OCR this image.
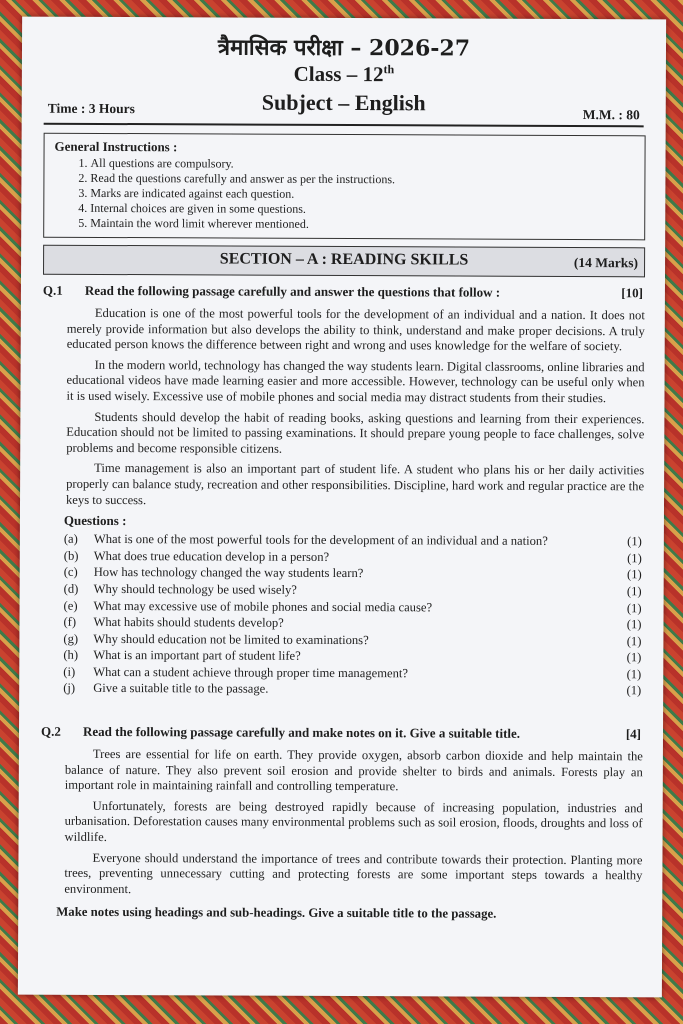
त्रैमासिक परीक्षा – 2026-27
Class – 12th
Subject – English
Time : 3 Hours	M.M. : 80
General Instructions :
1. All questions are compulsory.
2. Read the questions carefully and answer as per the instructions.
3. Marks are indicated against each question.
4. Internal choices are given in some questions.
5. Maintain the word limit wherever mentioned.
SECTION – A : READING SKILLS	(14 Marks)
Q.1 Read the following passage carefully and answer the questions that follow :	[10]

Education is one of the most powerful tools for the development of an individual and a nation. It does not merely provide information but also develops the ability to think, understand and make proper decisions. A truly educated person knows the difference between right and wrong and uses knowledge for the welfare of society.

In the modern world, technology has changed the way students learn. Digital classrooms, online libraries and educational videos have made learning easier and more accessible. However, technology can be useful only when it is used wisely. Excessive use of mobile phones and social media may distract students from their studies.

Students should develop the habit of reading books, asking questions and learning from their experiences. Education should not be limited to passing examinations. It should prepare young people to face challenges, solve problems and become responsible citizens.

Time management is also an important part of student life. A student who plans his or her daily activities properly can balance study, recreation and other responsibilities. Discipline, hard work and regular practice are the keys to success.

Questions :
(a) What is one of the most powerful tools for the development of an individual and a nation?	(1)
(b) What does true education develop in a person?	(1)
(c) How has technology changed the way students learn?	(1)
(d) Why should technology be used wisely?	(1)
(e) What may excessive use of mobile phones and social media cause?	(1)
(f) What habits should students develop?	(1)
(g) Why should education not be limited to examinations?	(1)
(h) What is an important part of student life?	(1)
(i) What can a student achieve through proper time management?	(1)
(j) Give a suitable title to the passage.	(1)
Q.2 Read the following passage carefully and make notes on it. Give a suitable title.	[4]

Trees are essential for life on earth. They provide oxygen, absorb carbon dioxide and help maintain the balance of nature. They also prevent soil erosion and provide shelter to birds and animals. Forests play an important role in maintaining rainfall and controlling temperature.

Unfortunately, forests are being destroyed rapidly because of increasing population, industries and urbanisation. Deforestation causes many environmental problems such as soil erosion, floods, droughts and loss of wildlife.

Everyone should understand the importance of trees and contribute towards their protection. Planting more trees, preventing unnecessary cutting and protecting forests are some important steps towards a healthy environment.

Make notes using headings and sub-headings. Give a suitable title to the passage.
